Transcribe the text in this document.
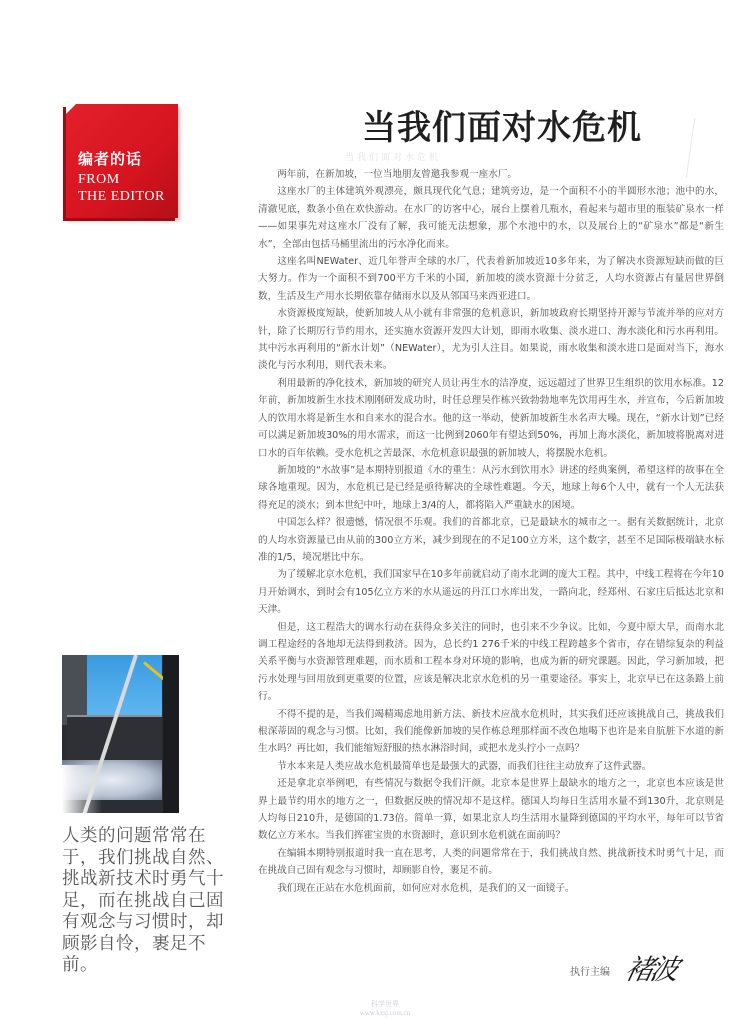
编者的话
FROM
THE EDITOR
当我们面对水危机
当我们面对水危机

两年前，在新加坡，一位当地朋友曾邀我参观一座水厂。

这座水厂的主体建筑外观漂亮，颇具现代化气息；建筑旁边，是一个面积不小的半圆形水池；池中的水，清澈见底，数条小鱼在欢快游动。在水厂的访客中心，展台上摆着几瓶水，看起来与超市里的瓶装矿泉水一样——如果事先对这座水厂没有了解，我可能无法想象，那个水池中的水，以及展台上的“矿泉水”都是“新生水”，全部由包括马桶里流出的污水净化而来。

这座名叫NEWater、近几年誉声全球的水厂，代表着新加坡近10多年来，为了解决水资源短缺而做的巨大努力。作为一个面积不到700平方千米的小国，新加坡的淡水资源十分贫乏，人均水资源占有量居世界倒数，生活及生产用水长期依靠存储雨水以及从邻国马来西亚进口。

水资源极度短缺，使新加坡人从小就有非常强的危机意识，新加坡政府长期坚持开源与节流并举的应对方针，除了长期厉行节约用水，还实施水资源开发四大计划，即雨水收集、淡水进口、海水淡化和污水再利用。其中污水再利用的“新水计划”（NEWater），尤为引人注目。如果说，雨水收集和淡水进口是面对当下，海水淡化与污水利用，则代表未来。

利用最新的净化技术，新加坡的研究人员让再生水的洁净度，远远超过了世界卫生组织的饮用水标准。12年前，新加坡新生水技术刚刚研发成功时，时任总理吴作栋兴致勃勃地率先饮用再生水，并宣布，今后新加坡人的饮用水将是新生水和自来水的混合水。他的这一举动，使新加坡新生水名声大噪。现在，“新水计划”已经可以满足新加坡30%的用水需求，而这一比例到2060年有望达到50%，再加上海水淡化，新加坡将脱离对进口水的百年依赖。受水危机之苦最深、水危机意识最强的新加坡人，将摆脱水危机。

新加坡的“水故事”是本期特别报道《水的重生：从污水到饮用水》讲述的经典案例，希望这样的故事在全球各地重现。因为，水危机已是已经是亟待解决的全球性难题。今天，地球上每6个人中，就有一个人无法获得充足的淡水；到本世纪中叶，地球上3/4的人，都将陷入严重缺水的困境。

中国怎么样？很遗憾，情况很不乐观。我们的首都北京，已是最缺水的城市之一。据有关数据统计，北京的人均水资源量已由从前的300立方米，减少到现在的不足100立方米，这个数字，甚至不足国际极端缺水标准的1/5，境况堪比中东。

为了缓解北京水危机，我们国家早在10多年前就启动了南水北调的庞大工程。其中，中线工程将在今年10月开始调水，到时会有105亿立方米的水从遥远的丹江口水库出发，一路向北，经郑州、石家庄后抵达北京和天津。

但是，这工程浩大的调水行动在获得众多关注的同时，也引来不少争议。比如，今夏中原大旱，而南水北调工程途经的各地却无法得到救济。因为，总长约1 276千米的中线工程跨越多个省市，存在错综复杂的利益关系平衡与水资源管理难题，而水质和工程本身对环境的影响，也成为新的研究课题。因此，学习新加坡，把污水处理与回用放到更重要的位置，应该是解决北京水危机的另一重要途径。事实上，北京早已在这条路上前行。

不得不提的是，当我们竭精竭虑地用新方法、新技术应战水危机时，其实我们还应该挑战自己，挑战我们根深蒂固的观念与习惯。比如，我们能像新加坡的吴作栋总理那样面不改色地喝下也许是来自肮脏下水道的新生水吗？再比如，我们能缩短舒服的热水淋浴时间，或把水龙头拧小一点吗？

节水本来是人类应战水危机最简单也是最强大的武器，而我们往往主动放弃了这件武器。

还是拿北京举例吧，有些情况与数据令我们汗颜。北京本是世界上最缺水的地方之一，北京也本应该是世界上最节约用水的地方之一，但数据反映的情况却不是这样。德国人均每日生活用水量不到130升，北京则是人均每日210升，是德国的1.73倍。简单一算，如果北京人均生活用水量降到德国的平均水平，每年可以节省数亿立方米水。当我们挥霍宝贵的水资源时，意识到水危机就在面前吗？

在编辑本期特别报道时我一直在思考，人类的问题常常在于，我们挑战自然、挑战新技术时勇气十足，而在挑战自己固有观念与习惯时，却顾影自怜，裹足不前。

我们现在正站在水危机面前，如何应对水危机，是我们的又一面镜子。

人类的问题常常在于，我们挑战自然、挑战新技术时勇气十足，而在挑战自己固有观念与习惯时，却顾影自怜，裹足不前。	执行主编 褚波
科学世界
www.kxsj.com.cn
